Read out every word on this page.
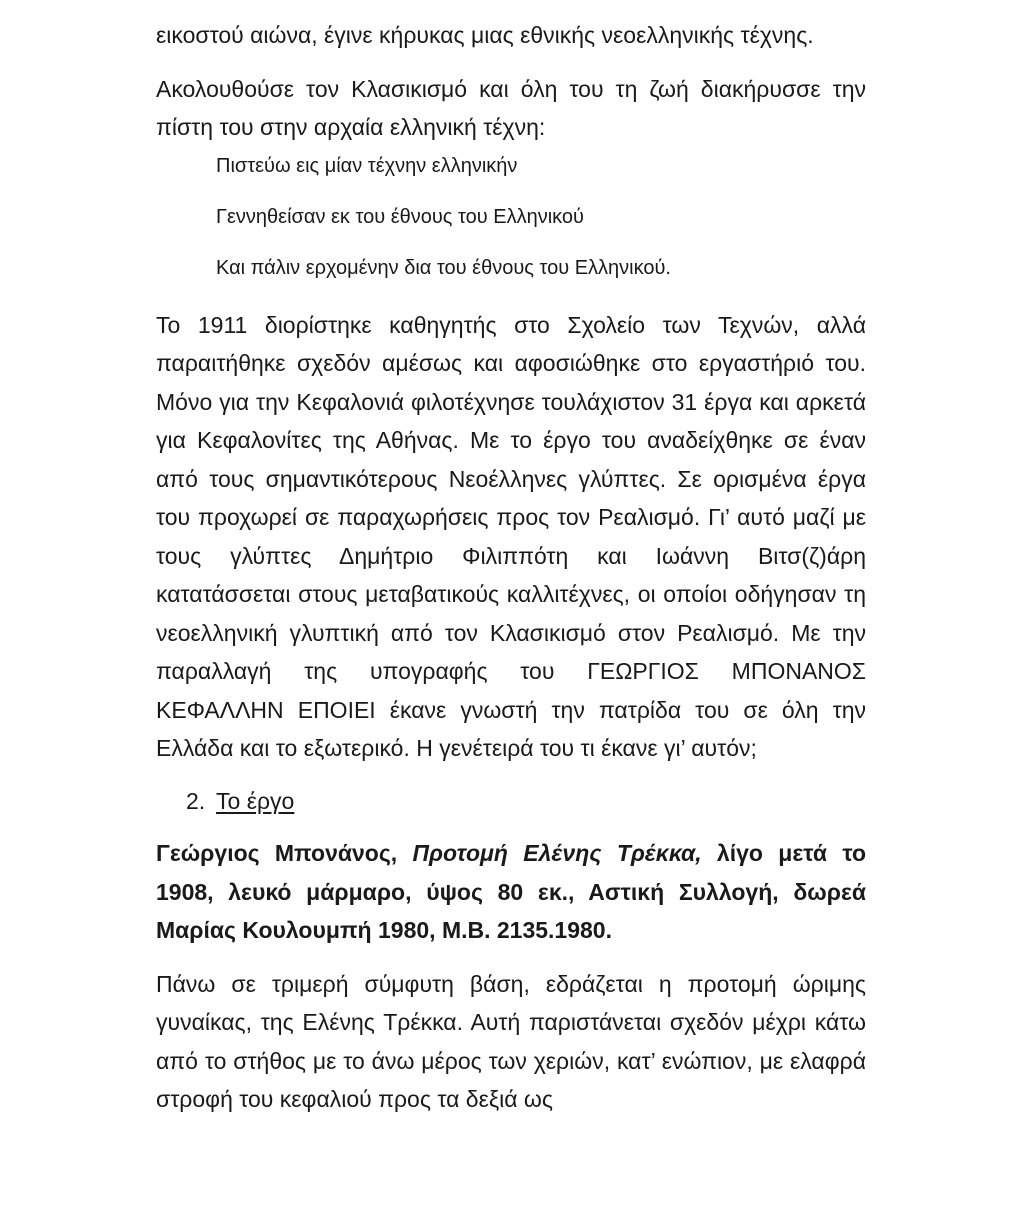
εικοστού αιώνα, έγινε κήρυκας μιας εθνικής νεοελληνικής τέχνης.

Ακολουθούσε τον Κλασικισμό και όλη του τη ζωή διακήρυσσε την πίστη του στην αρχαία ελληνική τέχνη:

Πιστεύω εις μίαν τέχνην ελληνικήν

Γεννηθείσαν εκ του έθνους του Ελληνικού

Και πάλιν ερχομένην δια του έθνους του Ελληνικού.

Το 1911 διορίστηκε καθηγητής στο Σχολείο των Τεχνών, αλλά παραιτήθηκε σχεδόν αμέσως και αφοσιώθηκε στο εργαστήριό του. Μόνο για την Κεφαλονιά φιλοτέχνησε τουλάχιστον 31 έργα και αρκετά για Κεφαλονίτες της Αθήνας. Με το έργο του αναδείχθηκε σε έναν από τους σημαντικότερους Νεοέλληνες γλύπτες. Σε ορισμένα έργα του προχωρεί σε παραχωρήσεις προς τον Ρεαλισμό. Γι’ αυτό μαζί με τους γλύπτες Δημήτριο Φιλιππότη και Ιωάννη Βιτσ(ζ)άρη κατατάσσεται στους μεταβατικούς καλλιτέχνες, οι οποίοι οδήγησαν τη νεοελληνική γλυπτική από τον Κλασικισμό στον Ρεαλισμό. Με την παραλλαγή της υπογραφής του ΓΕΩΡΓΙΟΣ ΜΠΟΝΑΝΟΣ ΚΕΦΑΛΛΗΝ ΕΠΟΙΕΙ έκανε γνωστή την πατρίδα του σε όλη την Ελλάδα και το εξωτερικό. Η γενέτειρά του τι έκανε γι’ αυτόν;

2. Το έργο

Γεώργιος Μπονάνος, Προτομή Ελένης Τρέκκα, λίγο μετά το 1908, λευκό μάρμαρο, ύψος 80 εκ., Αστική Συλλογή, δωρεά Μαρίας Κουλουμπή 1980, Μ.Β. 2135.1980.

Πάνω σε τριμερή σύμφυτη βάση, εδράζεται η προτομή ώριμης γυναίκας, της Ελένης Τρέκκα. Αυτή παριστάνεται σχεδόν μέχρι κάτω από το στήθος με το άνω μέρος των χεριών, κατ’ ενώπιον, με ελαφρά στροφή του κεφαλιού προς τα δεξιά ως
